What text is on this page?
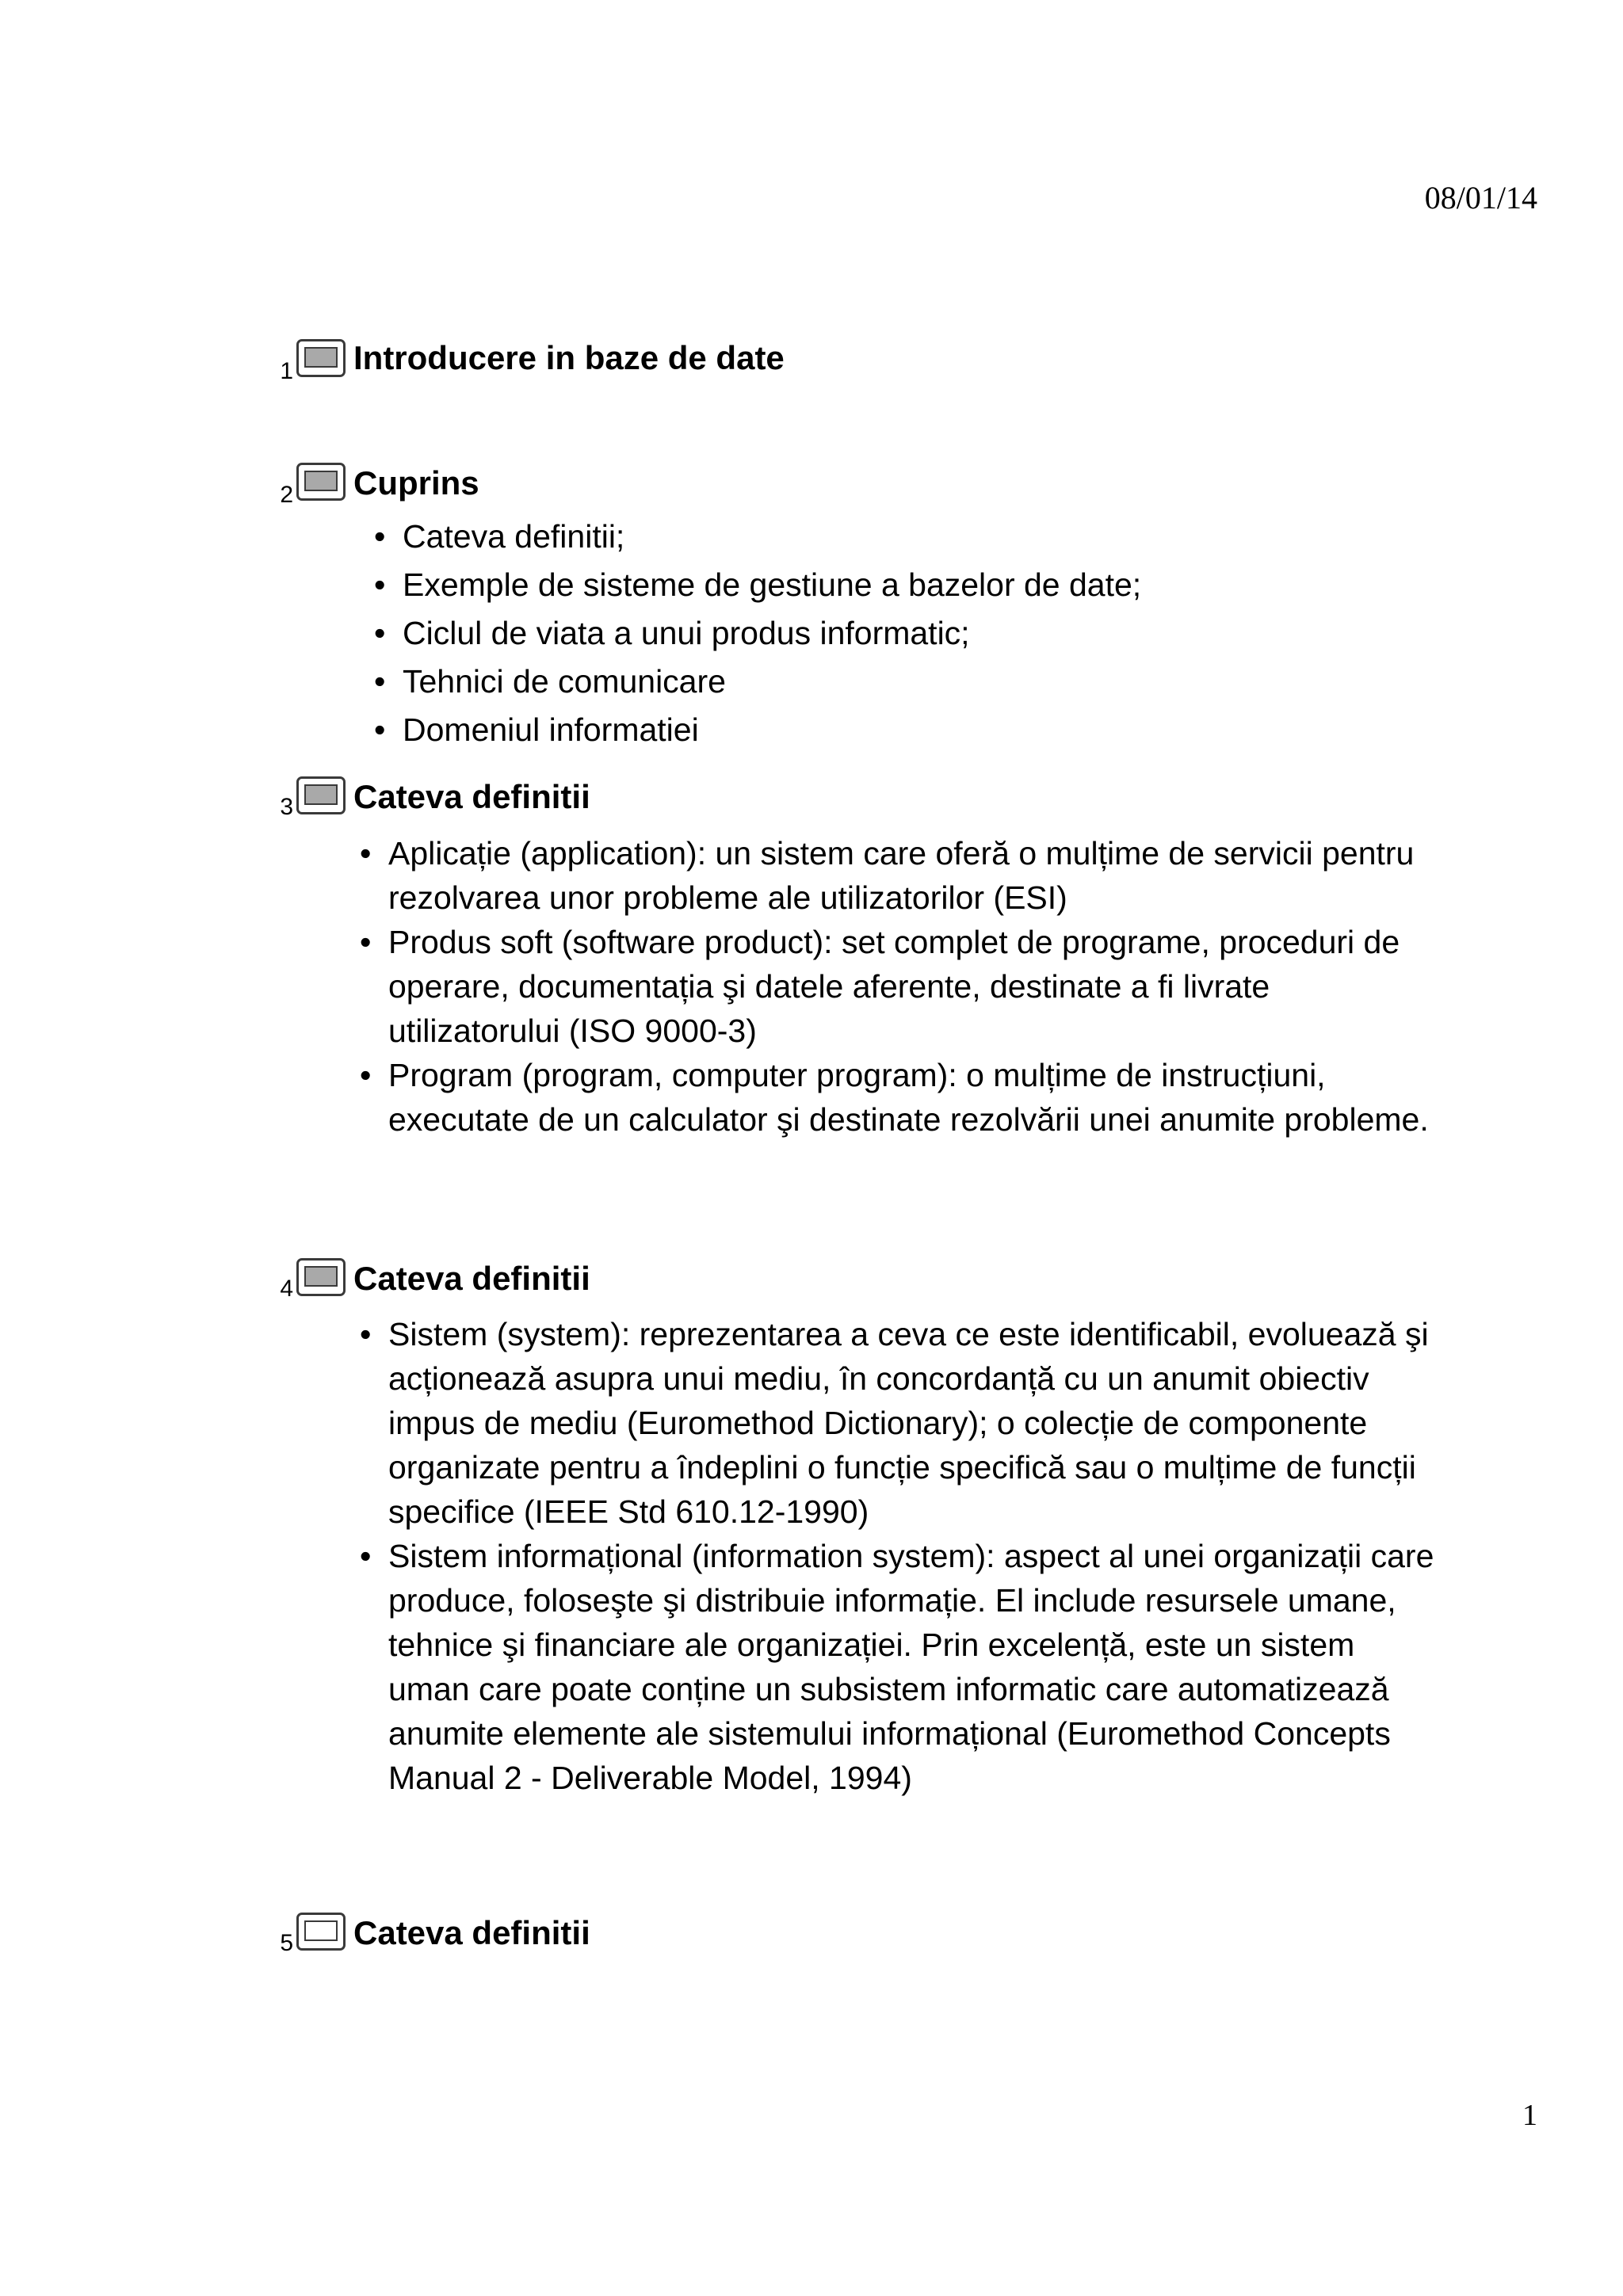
08/01/14
1 Introducere in baze de date
2 Cuprins
• Cateva definitii;
• Exemple de sisteme de gestiune a bazelor de date;
• Ciclul de viata a unui produs informatic;
• Tehnici de comunicare
• Domeniul informatiei
3 Cateva definitii
• Aplicație (application): un sistem care oferă o mulțime de servicii pentru rezolvarea unor probleme ale utilizatorilor (ESI)
• Produs soft (software product): set complet de programe, proceduri de operare, documentația şi datele aferente, destinate a fi livrate utilizatorului (ISO 9000-3)
• Program (program, computer program): o mulțime de instrucțiuni, executate de un calculator şi destinate rezolvării unei anumite probleme.
4 Cateva definitii
• Sistem (system): reprezentarea a ceva ce este identificabil, evoluează şi acționează asupra unui mediu, în concordanță cu un anumit obiectiv impus de mediu (Euromethod Dictionary); o colecție de componente organizate pentru a îndeplini o funcție specifică sau o mulțime de funcții specifice (IEEE Std 610.12-1990)
• Sistem informațional (information system): aspect al unei organizații care produce, foloseşte şi distribuie informație. El include resursele umane, tehnice şi financiare ale organizației. Prin excelență, este un sistem uman care poate conține un subsistem informatic care automatizează anumite elemente ale sistemului informațional (Euromethod Concepts Manual 2 - Deliverable Model, 1994)
5 Cateva definitii
1
